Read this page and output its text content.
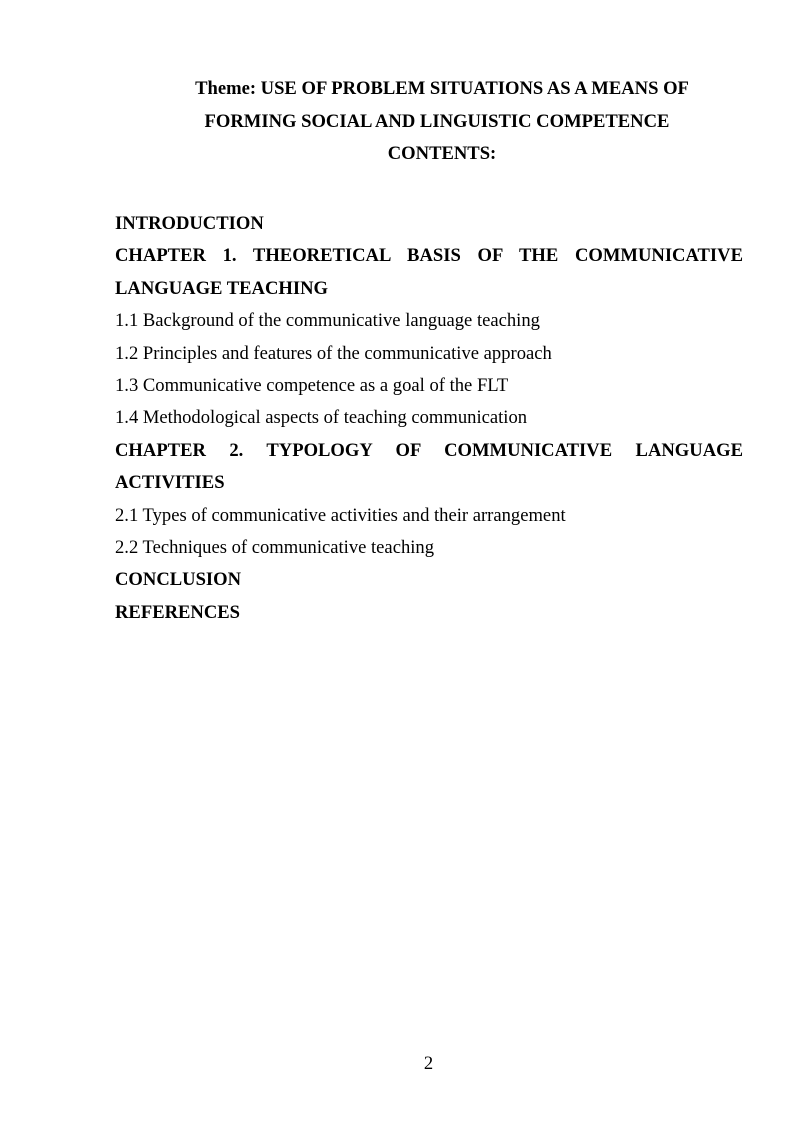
Theme: USE OF PROBLEM SITUATIONS AS A MEANS OF
FORMING SOCIAL AND LINGUISTIC COMPETENCE
CONTENTS:
INTRODUCTION
CHAPTER 1. THEORETICAL BASIS OF THE COMMUNICATIVE
LANGUAGE TEACHING
1.1 Background of the communicative language teaching
1.2 Principles and features of the communicative approach
1.3 Communicative competence as a goal of the FLT
1.4 Methodological aspects of teaching communication
CHAPTER 2. TYPOLOGY OF COMMUNICATIVE LANGUAGE
ACTIVITIES
2.1 Types of communicative activities and their arrangement
2.2 Techniques of communicative teaching
CONCLUSION
REFERENCES
2
